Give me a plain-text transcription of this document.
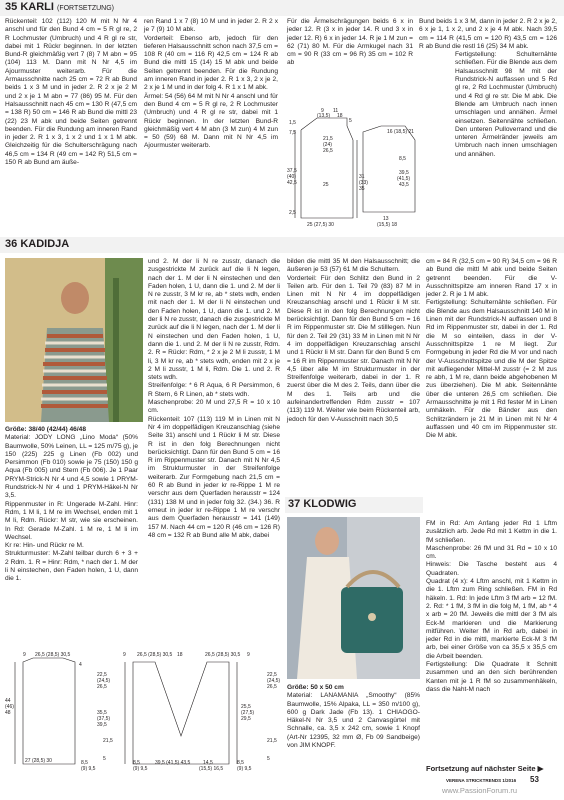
35 KARLI (FORTSETZUNG)

Rückenteil: 102 (112) 120 M mit N Nr 4 anschl und für den Bund 4 cm = 5 R gl re, 2 R Lochmuster (Umbruch) und 4 R gl re str, dabei mit 1 Rückr beginnen. In der letzten Bund-R gleichmäßig vert 7 (8) 7 M abn = 95 (104) 113 M. Dann mit N Nr 4,5 im Ajourmuster weiterarb. Für die Armausschnitte nach 25 cm = 72 R ab Bund beids 1 x 3 M und in jeder 2. R 2 x je 2 M und 2 x je 1 M abn = 77 (86) 95 M. Für den Halsausschnitt nach 45 cm = 130 R (47,5 cm = 138 R) 50 cm = 146 R ab Bund die mittl 23 (22) 23 M abk und beide Seiten getrennt beenden. Für die Rundung am inneren Rand in jeder 2. R 1 x 3, 1 x 2 und 1 x 1 M abk. Gleichzeitig für die Schulterschrägung nach 46,5 cm = 134 R (49 cm = 142 R) 51,5 cm = 150 R ab Bund am äuße-

ren Rand 1 x 7 (8) 10 M und in jeder 2. R 2 x je 7 (9) 10 M abk.

Vorderteil: Ebenso arb, jedoch für den tieferen Halsausschnitt schon nach 37,5 cm = 108 R (40 cm = 116 R) 42,5 cm = 124 R ab Bund die mittl 15 (14) 15 M abk und beide Seiten getrennt beenden. Für die Rundung am inneren Rand in jeder 2. R 1 x 3, 2 x je 2, 2 x je 1 M und in der folg 4. R 1 x 1 M abk.

Ärmel: 54 (56) 64 M mit N Nr 4 anschl und für den Bund 4 cm = 5 R gl re, 2 R Lochmuster (Umbruch) und 4 R gl re str, dabei mit 1 Rückr beginnen. In der letzten Bund-R gleichmäßig vert 4 M abn (3 M zun) 4 M zun = 50 (59) 68 M. Dann mit N Nr 4,5 im Ajourmuster weiterarb.

Für die Ärmelschrägungen beids 6 x in jeder 12. R (3 x in jeder 14. R und 3 x in jeder 12. R) 6 x in jeder 14. R je 1 M zun = 62 (71) 80 M. Für die Armkugel nach 31 cm = 90 R (33 cm = 96 R) 35 cm = 102 R ab

9 11
(13,5) 18
5
16 (18,5) 21
1,5
7,5
21,5
(24)
26,5
25
37,5
(40)
42,5
2,5
31
(33)
35
8,5
39,5
(41,5)
43,5
25 (27,5) 30
13
(15,5) 18

Bund beids 1 x 3 M, dann in jeder 2. R 2 x je 2, 6 x je 1, 1 x 2, und 2 x je 4 M abk. Nach 39,5 cm = 114 R (41,5 cm = 120 R) 43,5 cm = 126 R ab Bund die restl 16 (25) 34 M abk.

Fertigstellung: Schulternähte schließen. Für die Blende aus dem Halsausschnitt 98 M mit der Rundstrick-N auffassen und 5 Rd gl re, 2 Rd Lochmuster (Umbruch) und 4 Rd gl re str. Die M abk. Die Blende am Umbruch nach innen umschlagen und annähen. Ärmel einsetzen. Seitennähte schließen. Den unteren Pulloverrand und die unteren Ärmelränder jeweils am Umbruch nach innen umschlagen und annähen.

36 KADIDJA

Größe: 38/40 (42/44) 46/48

Material: JODY LONG „Lino Moda“ (50% Baumwolle, 50% Leinen, LL = 125 m/75 g), je 150 (225) 225 g Linen (Fb 002) und Persimmon (Fb 010) sowie je 75 (150) 150 g Aqua (Fb 005) und Stern (Fb 006). Je 1 Paar PRYM-Strick-N Nr 4 und 4,5 sowie 1 PRYM-Rundstrick-N Nr 4 und 1 PRYM-Häkel-N Nr 3,5.

Rippenmuster in R: Ungerade M-Zahl. Hinr: Rdm, 1 M li, 1 M re im Wechsel, enden mit 1 M li, Rdm. Rückr: M str, wie sie erscheinen. In Rd: Gerade M-Zahl. 1 M re, 1 M li im Wechsel.

Kr re: Hin- und Rückr re M.

Strukturmuster: M-Zahl teilbar durch 6 + 3 + 2 Rdm. 1. R = Hinr: Rdm, * nach der 1. M der li N einstechen, den Faden holen, 1 U, dann die 1.

und 2. M der li N re zusstr, danach die zusgestrickte M zurück auf die li N legen, nach der 1. M der li N einstechen und den Faden holen, 1 U, dann die 1. und 2. M der li N re zusstr, 3 M kr re, ab * stets wdh, enden mit nach der 1. M der li N einstechen und den Faden holen, 1 U, dann die 1. und 2. M der li N re zusstr, danach die zusgestrickte M zurück auf die li N legen, nach der 1. M der li N einstechen und den Faden holen, 1 U, dann die 1. und 2. M der li N re zusstr, Rdm. 2. R = Rückr: Rdm, * 2 x je 2 M li zusstr, 1 M li, 3 M kr re, ab * stets wdh, enden mit 2 x je 2 M li zusstr, 1 M li, Rdm. Die 1. und 2. R stets wdh.

Streifenfolge: * 6 R Aqua, 6 R Persimmon, 6 R Stern, 6 R Linen, ab * stets wdh.

Maschenprobe: 20 M und 27,5 R = 10 x 10 cm.

Rückenteil: 107 (113) 119 M in Linen mit N Nr 4 im doppelfädigen Kreuzanschlag (siehe Seite 31) anschl und 1 Rückr li M str. Diese R ist in den folg Berechnungen nicht berücksichtigt. Dann für den Bund 5 cm = 16 R im Rippenmuster str. Danach mit N Nr 4,5 im Strukturmuster in der Streifenfolge weiterarb. Zur Formgebung nach 21,5 cm = 60 R ab Bund in jeder kr re-Rippe 1 M re verschr aus dem Querfaden herausstr = 124 (131) 138 M und in jeder folg 32. (34.) 36. R erneut in jeder kr re-Rippe 1 M re verschr aus dem Querfaden herausstr = 141 (149) 157 M. Nach 44 cm = 120 R (46 cm = 126 R) 48 cm = 132 R ab Bund alle M abk, dabei

bilden die mittl 35 M den Halsausschnitt; die äußeren je 53 (57) 61 M die Schultern.

Vorderteil: Für den Schlitz den Bund in 2 Teilen arb. Für den 1. Teil 79 (83) 87 M in Linen mit N Nr 4 im doppelfädigen Kreuzanschlag anschl und 1 Rückr li M str. Diese R ist in den folg Berechnungen nicht berücksichtigt. Dann für den Bund 5 cm = 16 R im Rippenmuster str. Die M stilllegen. Nun für den 2. Teil 29 (31) 33 M in Linen mit N Nr 4 im doppelfädigen Kreuzanschlag anschl und 1 Rückr li M str. Dann für den Bund 5 cm = 16 R im Rippenmuster str. Danach mit N Nr 4,5 über alle M im Strukturmuster in der Streifenfolge weiterarb, dabei in der 1. R zuerst über die M des 2. Teils, dann über die M des 1. Teils arb und die aufeinandertreffenden Rdm zusstr = 107 (113) 119 M. Weiter wie beim Rückenteil arb, jedoch für den V-Ausschnitt nach 30,5

cm = 84 R (32,5 cm = 90 R) 34,5 cm = 96 R ab Bund die mittl M abk und beide Seiten getrennt beenden. Für die V-Ausschnittspitze am inneren Rand 17 x in jeder 2. R je 1 M abk.

Fertigstellung: Schulternähte schließen. Für die Blende aus dem Halsausschnitt 140 M in Linen mit der Rundstrick-N auffassen und 8 Rd im Rippenmuster str, dabei in der 1. Rd die M so einteilen, dass in der V-Ausschnittspitze 1 re M liegt. Zur Formgebung in jeder Rd die M vor und nach der V-Ausschnittspitze und die M der Spitze mit aufliegender Mittel-M zusstr (= 2 M zus re abh, 1 M re, dann beide abgehobenen M zus überziehen). Die M abk. Seitennähte über die unteren 26,5 cm schließen. Die Armausschnitte je mit 1 Rd fester M in Linen umhäkeln. Für die Bänder aus den Schlitzrändern je 21 M in Linen mit N Nr 4 auffassen und 40 cm im Rippenmuster str. Die M abk.

9 26,5 (28,5) 30,5	9 26,5 (28,5) 30,5 18	26,5 (28,5) 30,5 9
22,5
(24,5)
26,5
4
44
(46)
48	35,5
(37,5)
39,5
21,5
5
27 (28,5) 30	8,5
(9) 9,5
8,5
(9) 9,5
39,5 (41,5) 43,5	14,5
(15,5) 16,5
8,5
(9) 9,5
22,5
(24,5)
26,5
25,5
(27,5)
29,5
21,5
5
37 KLODWIG

Größe: 50 x 50 cm

Material: LANAMANIA „Smoothy“ (85% Baumwolle, 15% Alpaka, LL = 350 m/100 g), 600 g Dark Jade (Fb 13). 1 CHIAOGO-Häkel-N Nr 3,5 und 2 Canvasgürtel mit Schnalle, ca. 3,5 x 242 cm, sowie 1 Knopf (Art-Nr 12395, 32 mm Ø, Fb 09 Sandbeige) von JIM KNOPF.

FM in Rd: Am Anfang jeder Rd 1 Lftm zusätzlich arb. Jede Rd mit 1 Kettm in die 1. fM schließen.

Maschenprobe: 26 fM und 31 Rd = 10 x 10 cm.

Hinweis: Die Tasche besteht aus 4 Quadraten.

Quadrat (4 x): 4 Lftm anschl, mit 1 Kettm in die 1. Lftm zum Ring schließen. FM in Rd häkeln. 1. Rd: In jede Lftm 3 fM arb = 12 fM. 2. Rd: * 1 fM, 3 fM in die folg M, 1 fM, ab * 4 x arb = 20 fM. Jeweils die mittl der 3 fM als Eck-M markieren und die Markierung mitführen. Weiter fM in Rd arb, dabei in jeder Rd in die mittl, markierte Eck-M 3 fM arb, bei einer Größe von ca 35,5 x 35,5 cm die Arbeit beenden.

Fertigstellung: Die Quadrate lt Schnitt zusammen und an den sich berührenden Kanten mit je 1 R fM so zusammenhäkeln, dass die Naht-M nach

Fortsetzung auf nächster Seite ▶
VERENA STRICKTRENDS 1/2016 53
www.PassionForum.ru
